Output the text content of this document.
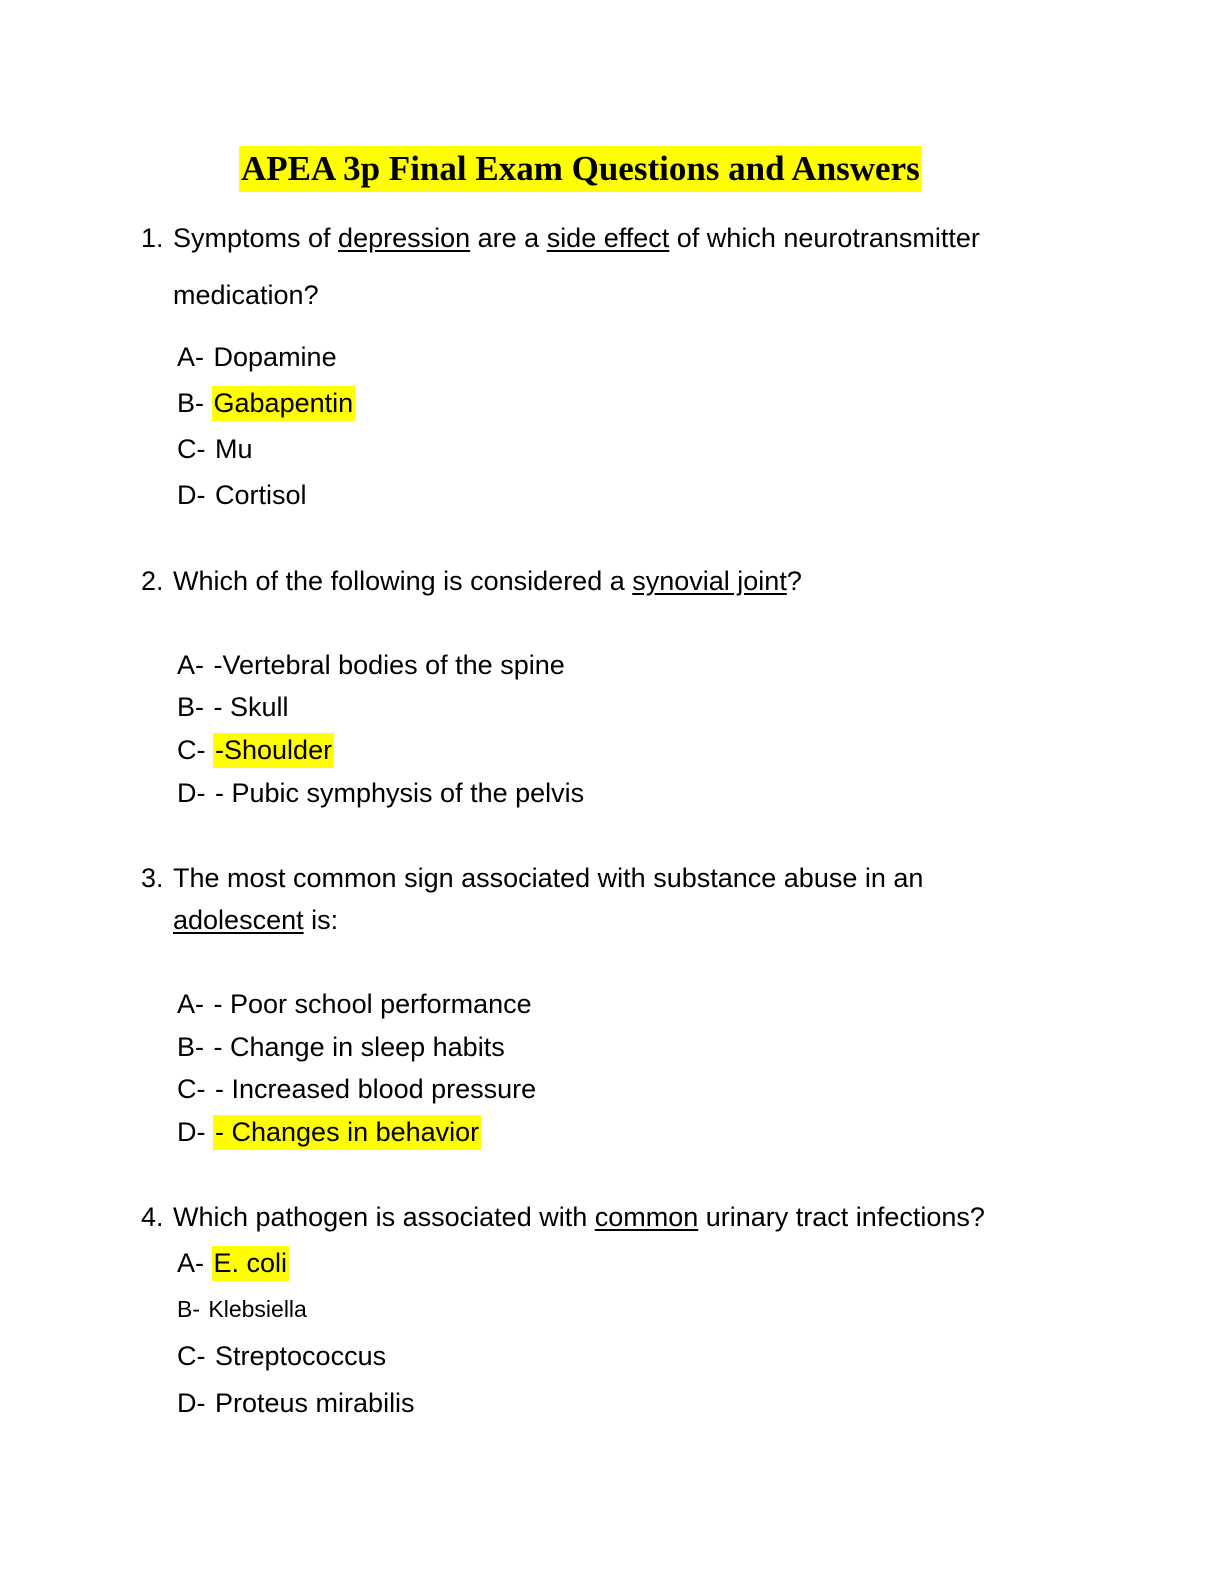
APEA 3p Final Exam Questions and Answers
1. Symptoms of depression are a side effect of which neurotransmitter
medication?
A- Dopamine
B- Gabapentin
C- Mu
D- Cortisol
2. Which of the following is considered a synovial joint?
A- -Vertebral bodies of the spine
B- - Skull
C- -Shoulder
D- - Pubic symphysis of the pelvis
3. The most common sign associated with substance abuse in an
adolescent is:
A- - Poor school performance
B- - Change in sleep habits
C- - Increased blood pressure
D- - Changes in behavior
4. Which pathogen is associated with common urinary tract infections?
A- E. coli
B- Klebsiella
C- Streptococcus
D- Proteus mirabilis
